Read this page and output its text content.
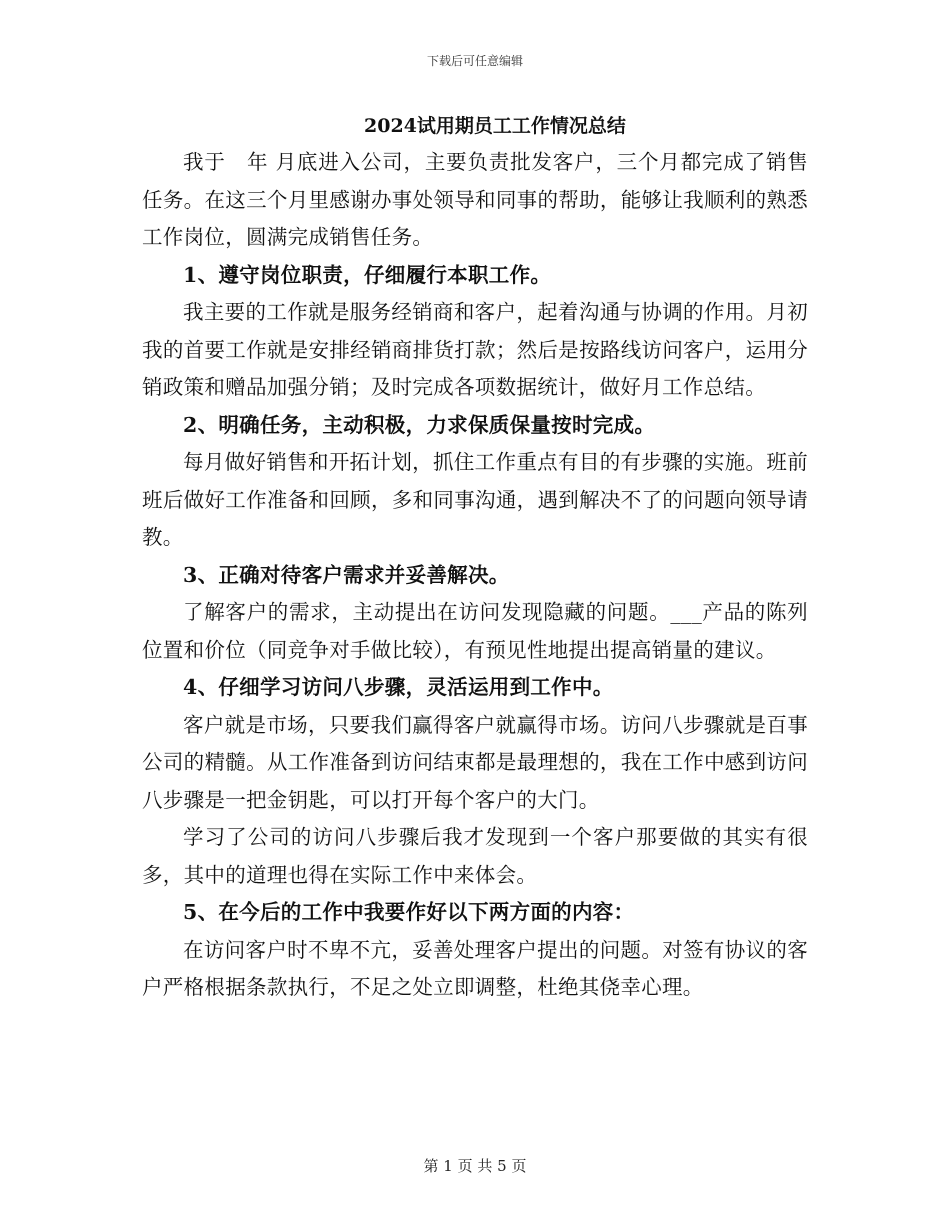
下载后可任意编辑
2024试用期员工工作情况总结

我于　年 月底进入公司，主要负责批发客户，三个月都完成了销售任务。在这三个月里感谢办事处领导和同事的帮助，能够让我顺利的熟悉工作岗位，圆满完成销售任务。

1、遵守岗位职责，仔细履行本职工作。

我主要的工作就是服务经销商和客户，起着沟通与协调的作用。月初我的首要工作就是安排经销商排货打款；然后是按路线访问客户，运用分销政策和赠品加强分销；及时完成各项数据统计，做好月工作总结。

2、明确任务，主动积极，力求保质保量按时完成。

每月做好销售和开拓计划，抓住工作重点有目的有步骤的实施。班前班后做好工作准备和回顾，多和同事沟通，遇到解决不了的问题向领导请教。

3、正确对待客户需求并妥善解决。

了解客户的需求，主动提出在访问发现隐藏的问题。___产品的陈列位置和价位（同竞争对手做比较），有预见性地提出提高销量的建议。

4、仔细学习访问八步骤，灵活运用到工作中。

客户就是市场，只要我们赢得客户就赢得市场。访问八步骤就是百事公司的精髓。从工作准备到访问结束都是最理想的，我在工作中感到访问八步骤是一把金钥匙，可以打开每个客户的大门。

学习了公司的访问八步骤后我才发现到一个客户那要做的其实有很多，其中的道理也得在实际工作中来体会。

5、在今后的工作中我要作好以下两方面的内容：

在访问客户时不卑不亢，妥善处理客户提出的问题。对签有协议的客户严格根据条款执行，不足之处立即调整，杜绝其侥幸心理。

第 1 页 共 5 页
